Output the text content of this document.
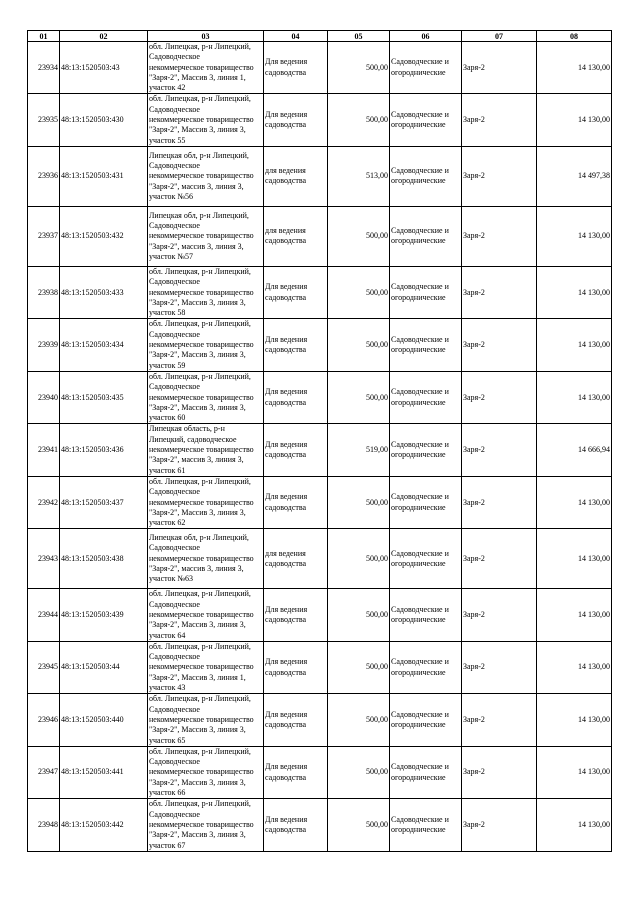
01	02	03	04	05	06	07	08
23934	48:13:1520503:43	обл. Липецкая, р-н Липецкий,
Садоводческое
некоммерческое товарищество
"Заря-2", Массив 3, линия 1,
участок 42	Для ведения
садоводства	500,00	Садоводческие и
огороднические	Заря-2	14 130,00
23935	48:13:1520503:430	обл. Липецкая, р-н Липецкий,
Садоводческое
некоммерческое товарищество
"Заря-2", Массив 3, линия 3,
участок 55	Для ведения
садоводства	500,00	Садоводческие и
огороднические	Заря-2	14 130,00
23936	48:13:1520503:431	Липецкая обл, р-н Липецкий,
Садоводческое
некоммерческое товарищество
"Заря-2", массив 3, линия 3,
участок №56	для ведения
садоводства	513,00	Садоводческие и
огороднические	Заря-2	14 497,38
23937	48:13:1520503:432	Липецкая обл, р-н Липецкий,
Садоводческое
некоммерческое товарищество
"Заря-2", массив 3, линия 3,
участок №57	для ведения
садоводства	500,00	Садоводческие и
огороднические	Заря-2	14 130,00
23938	48:13:1520503:433	обл. Липецкая, р-н Липецкий,
Садоводческое
некоммерческое товарищество
"Заря-2", Массив 3, линия 3,
участок 58	Для ведения
садоводства	500,00	Садоводческие и
огороднические	Заря-2	14 130,00
23939	48:13:1520503:434	обл. Липецкая, р-н Липецкий,
Садоводческое
некоммерческое товарищество
"Заря-2", Массив 3, линия 3,
участок 59	Для ведения
садоводства	500,00	Садоводческие и
огороднические	Заря-2	14 130,00
23940	48:13:1520503:435	обл. Липецкая, р-н Липецкий,
Садоводческое
некоммерческое товарищество
"Заря-2", Массив 3, линия 3,
участок 60	Для ведения
садоводства	500,00	Садоводческие и
огороднические	Заря-2	14 130,00
23941	48:13:1520503:436	Липецкая область, р-н
Липецкий, садоводческое
некоммерческое товарищество
"Заря-2", массив 3, линия 3,
участок 61	Для ведения
садоводства	519,00	Садоводческие и
огороднические	Заря-2	14 666,94
23942	48:13:1520503:437	обл. Липецкая, р-н Липецкий,
Садоводческое
некоммерческое товарищество
"Заря-2", Массив 3, линия 3,
участок 62	Для ведения
садоводства	500,00	Садоводческие и
огороднические	Заря-2	14 130,00
23943	48:13:1520503:438	Липецкая обл, р-н Липецкий,
Садоводческое
некоммерческое товарищество
"Заря-2", массив 3, линия 3,
участок №63	для ведения
садоводства	500,00	Садоводческие и
огороднические	Заря-2	14 130,00
23944	48:13:1520503:439	обл. Липецкая, р-н Липецкий,
Садоводческое
некоммерческое товарищество
"Заря-2", Массив 3, линия 3,
участок 64	Для ведения
садоводства	500,00	Садоводческие и
огороднические	Заря-2	14 130,00
23945	48:13:1520503:44	обл. Липецкая, р-н Липецкий,
Садоводческое
некоммерческое товарищество
"Заря-2", Массив 3, линия 1,
участок 43	Для ведения
садоводства	500,00	Садоводческие и
огороднические	Заря-2	14 130,00
23946	48:13:1520503:440	обл. Липецкая, р-н Липецкий,
Садоводческое
некоммерческое товарищество
"Заря-2", Массив 3, линия 3,
участок 65	Для ведения
садоводства	500,00	Садоводческие и
огороднические	Заря-2	14 130,00
23947	48:13:1520503:441	обл. Липецкая, р-н Липецкий,
Садоводческое
некоммерческое товарищество
"Заря-2", Массив 3, линия 3,
участок 66	Для ведения
садоводства	500,00	Садоводческие и
огороднические	Заря-2	14 130,00
23948	48:13:1520503:442	обл. Липецкая, р-н Липецкий,
Садоводческое
некоммерческое товарищество
"Заря-2", Массив 3, линия 3,
участок 67	Для ведения
садоводства	500,00	Садоводческие и
огороднические	Заря-2	14 130,00
